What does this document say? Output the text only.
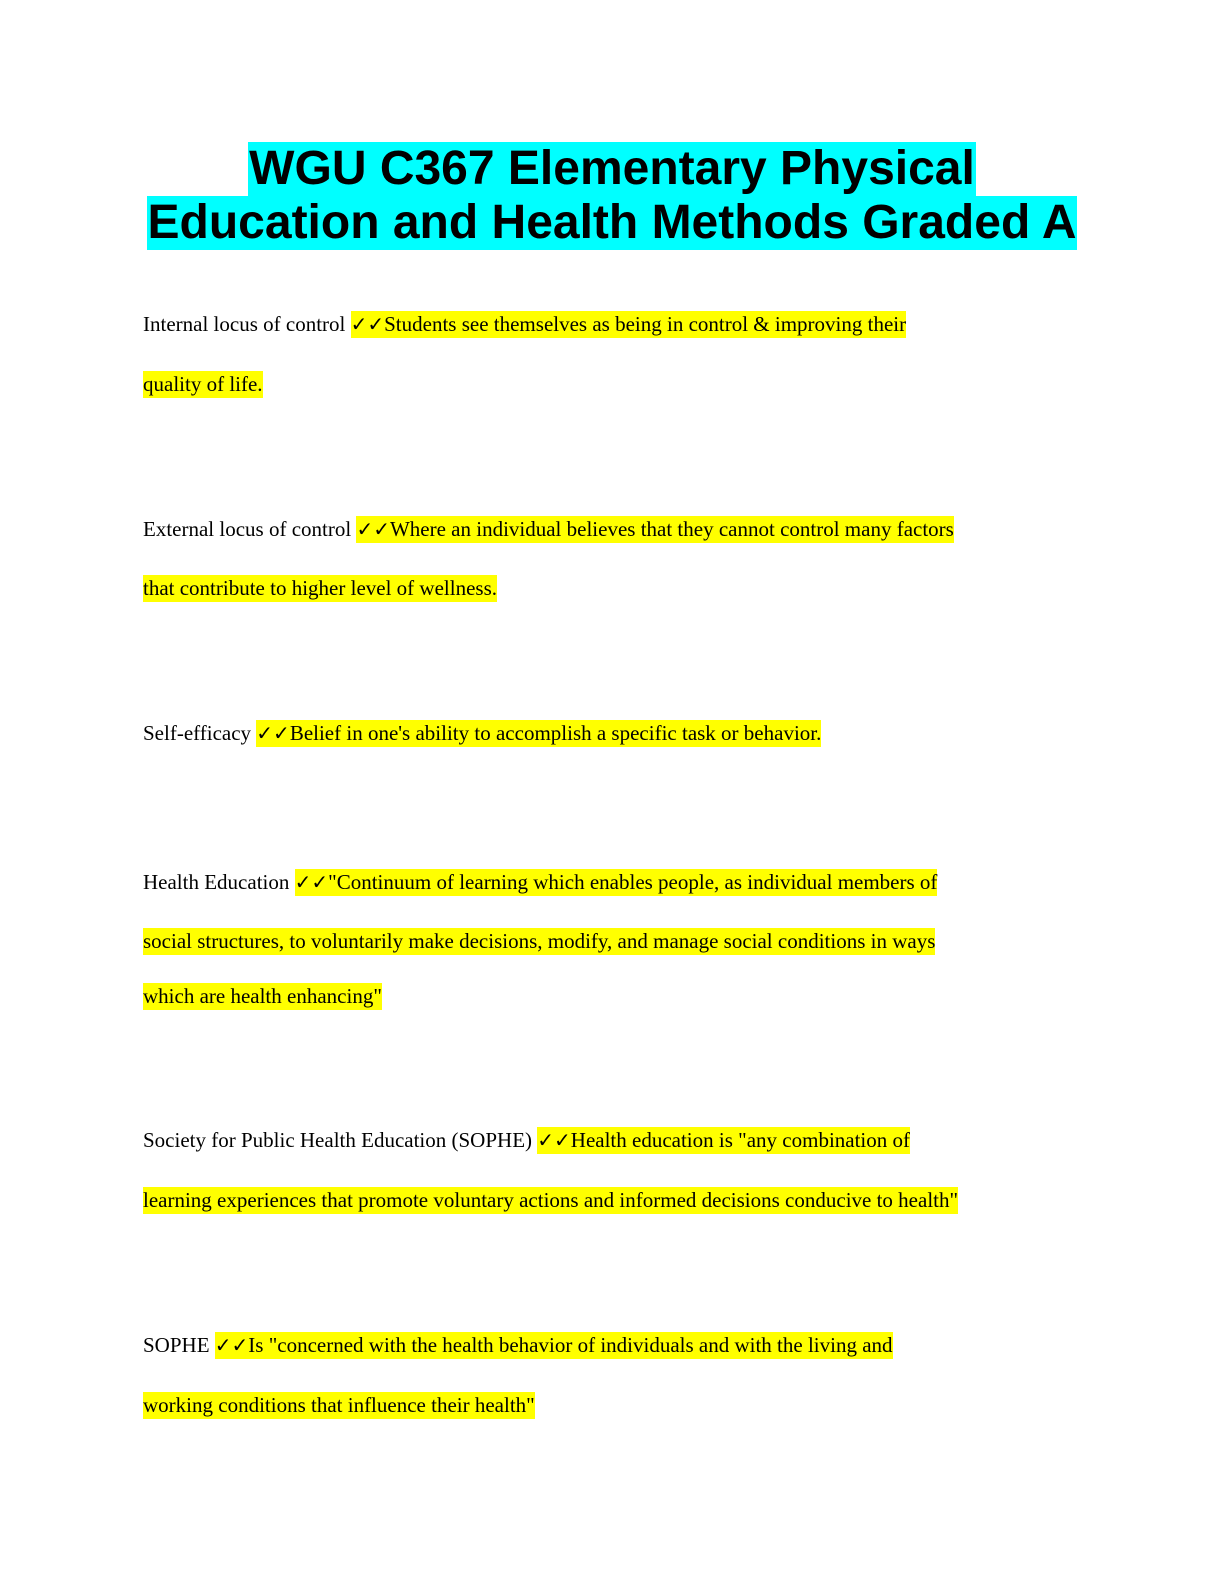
WGU C367 Elementary Physical
Education and Health Methods Graded A
Internal locus of control ✓✓Students see themselves as being in control & improving their
quality of life.
External locus of control ✓✓Where an individual believes that they cannot control many factors
that contribute to higher level of wellness.
Self-efficacy ✓✓Belief in one's ability to accomplish a specific task or behavior.
Health Education ✓✓"Continuum of learning which enables people, as individual members of
social structures, to voluntarily make decisions, modify, and manage social conditions in ways
which are health enhancing"
Society for Public Health Education (SOPHE) ✓✓Health education is "any combination of
learning experiences that promote voluntary actions and informed decisions conducive to health"
SOPHE ✓✓Is "concerned with the health behavior of individuals and with the living and
working conditions that influence their health"
